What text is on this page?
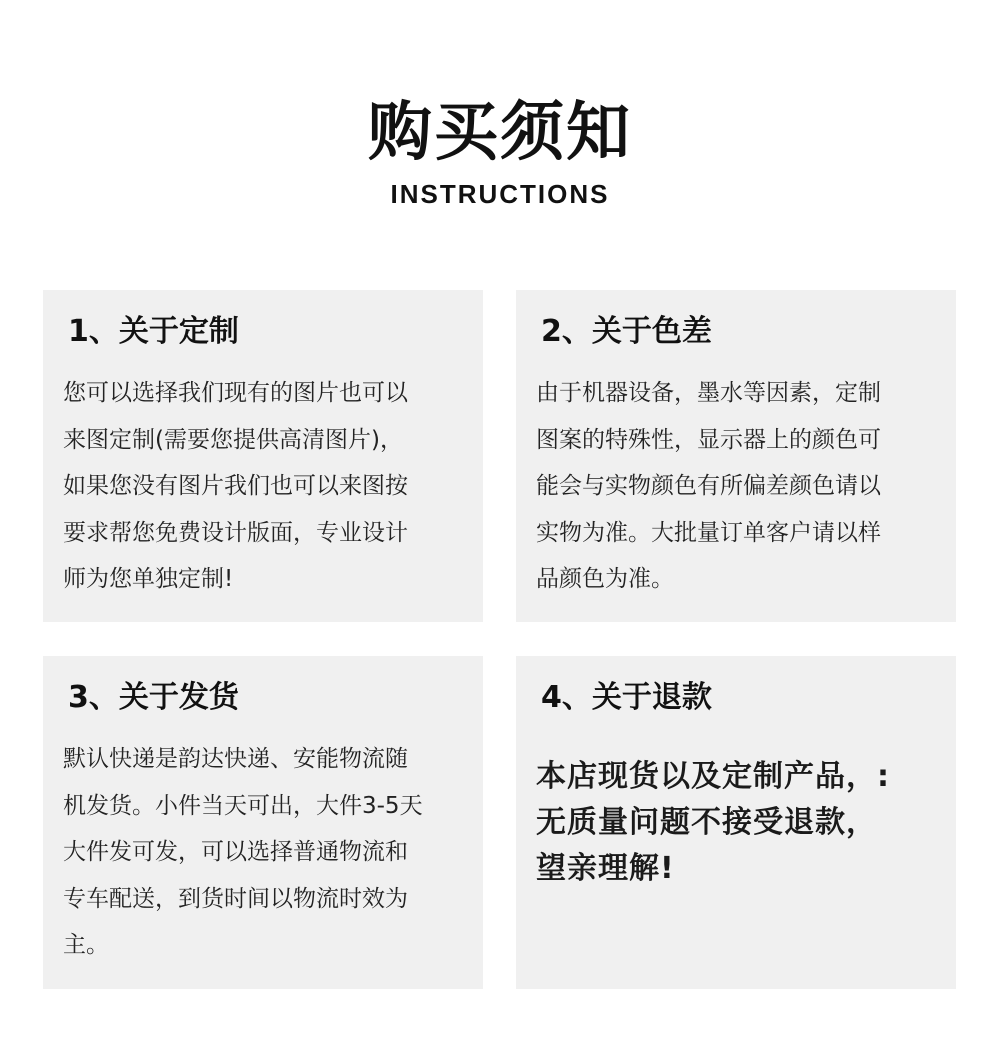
购买须知
INSTRUCTIONS
1、关于定制
您可以选择我们现有的图片也可以
来图定制(需要您提供高清图片)，
如果您没有图片我们也可以来图按
要求帮您免费设计版面，专业设计
师为您单独定制!
2、关于色差
由于机器设备，墨水等因素，定制
图案的特殊性，显示器上的颜色可
能会与实物颜色有所偏差颜色请以
实物为准。大批量订单客户请以样
品颜色为准。
3、关于发货
默认快递是韵达快递、安能物流随
机发货。小件当天可出，大件3-5天
大件发可发，可以选择普通物流和
专车配送，到货时间以物流时效为
主。
4、关于退款
本店现货以及定制产品，:
无质量问题不接受退款，
望亲理解!
